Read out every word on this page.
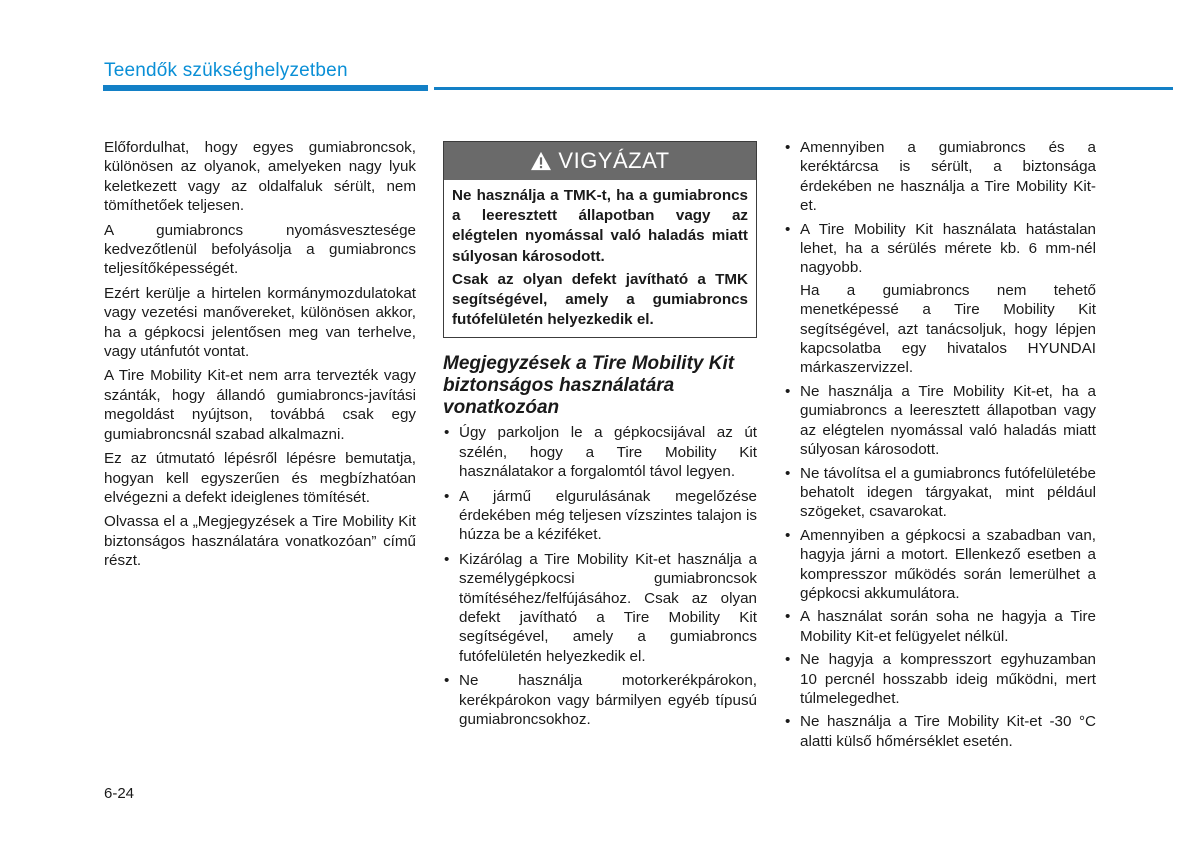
Teendők szükséghelyzetben

Előfordulhat, hogy egyes gumiabroncsok, különösen az olyanok, amelyeken nagy lyuk keletkezett vagy az oldalfaluk sérült, nem tömíthetőek teljesen.

A gumiabroncs nyomásvesztesége kedvezőtlenül befolyásolja a gumiabroncs teljesítőképességét.

Ezért kerülje a hirtelen kormánymozdulatokat vagy vezetési manővereket, különösen akkor, ha a gépkocsi jelentősen meg van terhelve, vagy utánfutót vontat.

A Tire Mobility Kit-et nem arra tervezték vagy szánták, hogy állandó gumiabroncs-javítási megoldást nyújtson, továbbá csak egy gumiabroncsnál szabad alkalmazni.

Ez az útmutató lépésről lépésre bemutatja, hogyan kell egyszerűen és megbízhatóan elvégezni a defekt ideiglenes tömítését.

Olvassa el a „Megjegyzések a Tire Mobility Kit biztonságos használatára vonatkozóan” című részt.

VIGYÁZAT

Ne használja a TMK-t, ha a gumiabroncs a leeresztett állapotban vagy az elégtelen nyomással való haladás miatt súlyosan károsodott.

Csak az olyan defekt javítható a TMK segítségével, amely a gumiabroncs futófelületén helyezkedik el.

Megjegyzések a Tire Mobility Kit biztonságos használatára vonatkozóan
• Úgy parkoljon le a gépkocsijával az út szélén, hogy a Tire Mobility Kit használatakor a forgalomtól távol legyen.
• A jármű elgurulásának megelőzése érdekében még teljesen vízszintes talajon is húzza be a kéziféket.
• Kizárólag a Tire Mobility Kit-et használja a személygépkocsi gumiabroncsok tömítéséhez/felfújásához. Csak az olyan defekt javítható a Tire Mobility Kit segítségével, amely a gumiabroncs futófelületén helyezkedik el.
• Ne használja motorkerékpárokon, kerékpárokon vagy bármilyen egyéb típusú gumiabroncsokhoz.
• Amennyiben a gumiabroncs és a keréktárcsa is sérült, a biztonsága érdekében ne használja a Tire Mobility Kit-et.
• A Tire Mobility Kit használata hatástalan lehet, ha a sérülés mérete kb. 6 mm-nél nagyobb.

Ha a gumiabroncs nem tehető menetképessé a Tire Mobility Kit segítségével, azt tanácsoljuk, hogy lépjen kapcsolatba egy hivatalos HYUNDAI márkaszervizzel.

• Ne használja a Tire Mobility Kit-et, ha a gumiabroncs a leeresztett állapotban vagy az elégtelen nyomással való haladás miatt súlyosan károsodott.
• Ne távolítsa el a gumiabroncs futófelületébe behatolt idegen tárgyakat, mint például szögeket, csavarokat.
• Amennyiben a gépkocsi a szabadban van, hagyja járni a motort. Ellenkező esetben a kompresszor működés során lemerülhet a gépkocsi akkumulátora.
• A használat során soha ne hagyja a Tire Mobility Kit-et felügyelet nélkül.
• Ne hagyja a kompresszort egyhuzamban 10 percnél hosszabb ideig működni, mert túlmelegedhet.
• Ne használja a Tire Mobility Kit-et -30 °C alatti külső hőmérséklet esetén.
6-24
